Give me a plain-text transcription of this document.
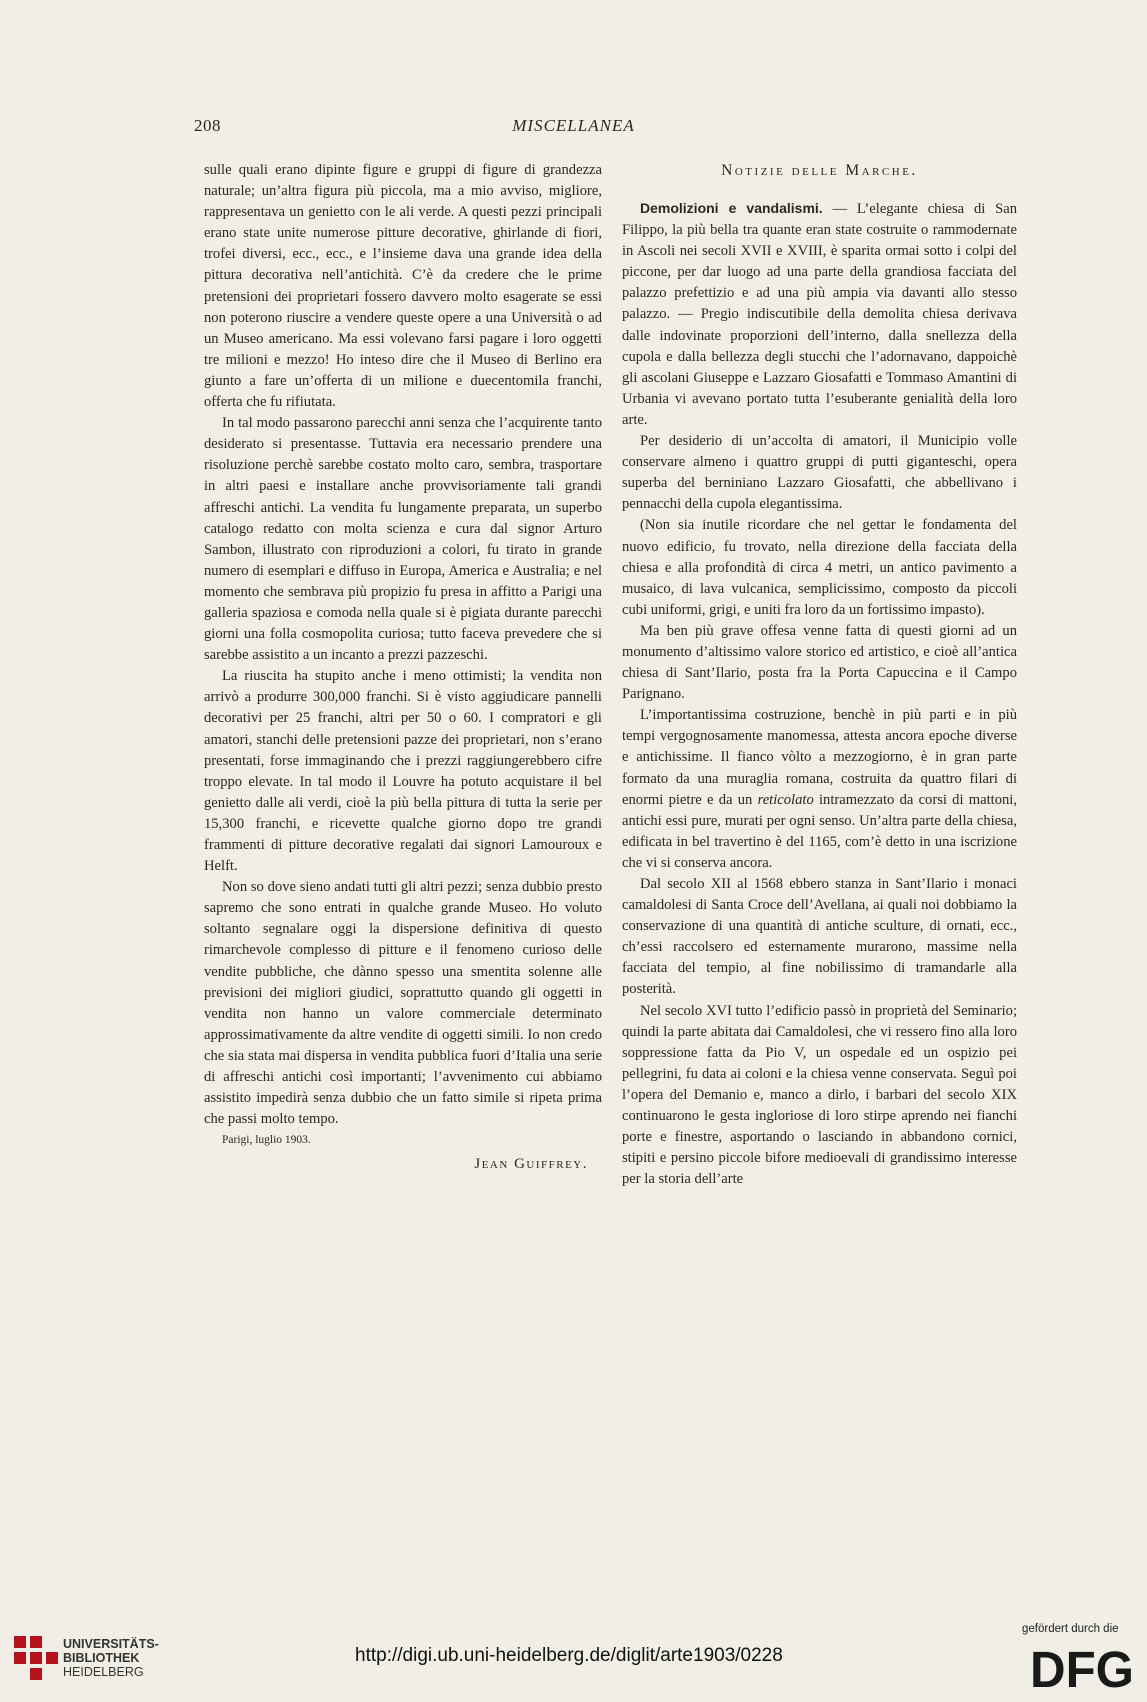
208	MISCELLANEA

sulle quali erano dipinte figure e gruppi di figure di grandezza naturale; un’altra figura più piccola, ma a mio avviso, migliore, rappresentava un genietto con le ali verde. A questi pezzi principali erano state unite numerose pitture decorative, ghirlande di fiori, trofei diversi, ecc., ecc., e l’insieme dava una grande idea della pittura decorativa nell’antichità. C’è da credere che le prime pretensioni dei proprietari fossero davvero molto esagerate se essi non poterono riuscire a vendere queste opere a una Università o ad un Museo americano. Ma essi volevano farsi pagare i loro oggetti tre milioni e mezzo! Ho inteso dire che il Museo di Berlino era giunto a fare un’offerta di un milione e duecentomila franchi, offerta che fu rifiutata.

In tal modo passarono parecchi anni senza che l’acquirente tanto desiderato si presentasse. Tuttavia era necessario prendere una risoluzione perchè sarebbe costato molto caro, sembra, trasportare in altri paesi e installare anche provvisoriamente tali grandi affreschi antichi. La vendita fu lungamente preparata, un superbo catalogo redatto con molta scienza e cura dal signor Arturo Sambon, illustrato con riproduzioni a colori, fu tirato in grande numero di esemplari e diffuso in Europa, America e Australia; e nel momento che sembrava più propizio fu presa in affitto a Parigi una galleria spaziosa e comoda nella quale si è pigiata durante parecchi giorni una folla cosmopolita curiosa; tutto faceva prevedere che si sarebbe assistito a un incanto a prezzi pazzeschi.

La riuscita ha stupito anche i meno ottimisti; la vendita non arrivò a produrre 300,000 franchi. Si è visto aggiudicare pannelli decorativi per 25 franchi, altri per 50 o 60. I compratori e gli amatori, stanchi delle pretensioni pazze dei proprietari, non s’erano presentati, forse immaginando che i prezzi raggiungerebbero cifre troppo elevate. In tal modo il Louvre ha potuto acquistare il bel genietto dalle ali verdi, cioè la più bella pittura di tutta la serie per 15,300 franchi, e ricevette qualche giorno dopo tre grandi frammenti di pitture decorative regalati dai signori Lamouroux e Helft.

Non so dove sieno andati tutti gli altri pezzi; senza dubbio presto sapremo che sono entrati in qualche grande Museo. Ho voluto soltanto segnalare oggi la dispersione definitiva di questo rimarchevole complesso di pitture e il fenomeno curioso delle vendite pubbliche, che dànno spesso una smentita solenne alle previsioni dei migliori giudici, soprattutto quando gli oggetti in vendita non hanno un valore commerciale determinato approssimativamente da altre vendite di oggetti simili. Io non credo che sia stata mai dispersa in vendita pubblica fuori d’Italia una serie di affreschi antichi così importanti; l’avvenimento cui abbiamo assistito impedirà senza dubbio che un fatto simile si ripeta prima che passi molto tempo.

Parigi, luglio 1903.

Jean Guiffrey.
Notizie delle Marche.

Demolizioni e vandalismi. — L’elegante chiesa di San Filippo, la più bella tra quante eran state costruite o rammodernate in Ascoli nei secoli XVII e XVIII, è sparita ormai sotto i colpi del piccone, per dar luogo ad una parte della grandiosa facciata del palazzo prefettizio e ad una più ampia via davanti allo stesso palazzo. — Pregio indiscutibile della demolita chiesa derivava dalle indovinate proporzioni dell’interno, dalla snellezza della cupola e dalla bellezza degli stucchi che l’adornavano, dappoichè gli ascolani Giuseppe e Lazzaro Giosafatti e Tommaso Amantini di Urbania vi avevano portato tutta l’esuberante genialità della loro arte.

Per desiderio di un’accolta di amatori, il Municipio volle conservare almeno i quattro gruppi di putti giganteschi, opera superba del berniniano Lazzaro Giosafatti, che abbellivano i pennacchi della cupola elegantissima.

(Non sia inutile ricordare che nel gettar le fondamenta del nuovo edificio, fu trovato, nella direzione della facciata della chiesa e alla profondità di circa 4 metri, un antico pavimento a musaico, di lava vulcanica, semplicissimo, composto da piccoli cubi uniformi, grigi, e uniti fra loro da un fortissimo impasto).

Ma ben più grave offesa venne fatta di questi giorni ad un monumento d’altissimo valore storico ed artistico, e cioè all’antica chiesa di Sant’Ilario, posta fra la Porta Capuccina e il Campo Parignano.

L’importantissima costruzione, benchè in più parti e in più tempi vergognosamente manomessa, attesta ancora epoche diverse e antichissime. Il fianco vòlto a mezzogiorno, è in gran parte formato da una muraglia romana, costruita da quattro filari di enormi pietre e da un reticolato intramezzato da corsi di mattoni, antichi essi pure, murati per ogni senso. Un’altra parte della chiesa, edificata in bel travertino è del 1165, com’è detto in una iscrizione che vi si conserva ancora.

Dal secolo XII al 1568 ebbero stanza in Sant’Ilario i monaci camaldolesi di Santa Croce dell’Avellana, ai quali noi dobbiamo la conservazione di una quantità di antiche sculture, di ornati, ecc., ch’essi raccolsero ed esternamente murarono, massime nella facciata del tempio, al fine nobilissimo di tramandarle alla posterità.

Nel secolo XVI tutto l’edificio passò in proprietà del Seminario; quindi la parte abitata dai Camaldolesi, che vi ressero fino alla loro soppressione fatta da Pio V, un ospedale ed un ospizio pei pellegrini, fu data ai coloni e la chiesa venne conservata. Seguì poi l’opera del Demanio e, manco a dirlo, i barbari del secolo XIX continuarono le gesta ingloriose di loro stirpe aprendo nei fianchi porte e finestre, asportando o lasciando in abbandono cornici, stipiti e persino piccole bifore medioevali di grandissimo interesse per la storia dell’arte

UNIVERSITÄTS-
BIBLIOTHEK
HEIDELBERG
http://digi.ub.uni-heidelberg.de/diglit/arte1903/0228
gefördert durch die
DFG
